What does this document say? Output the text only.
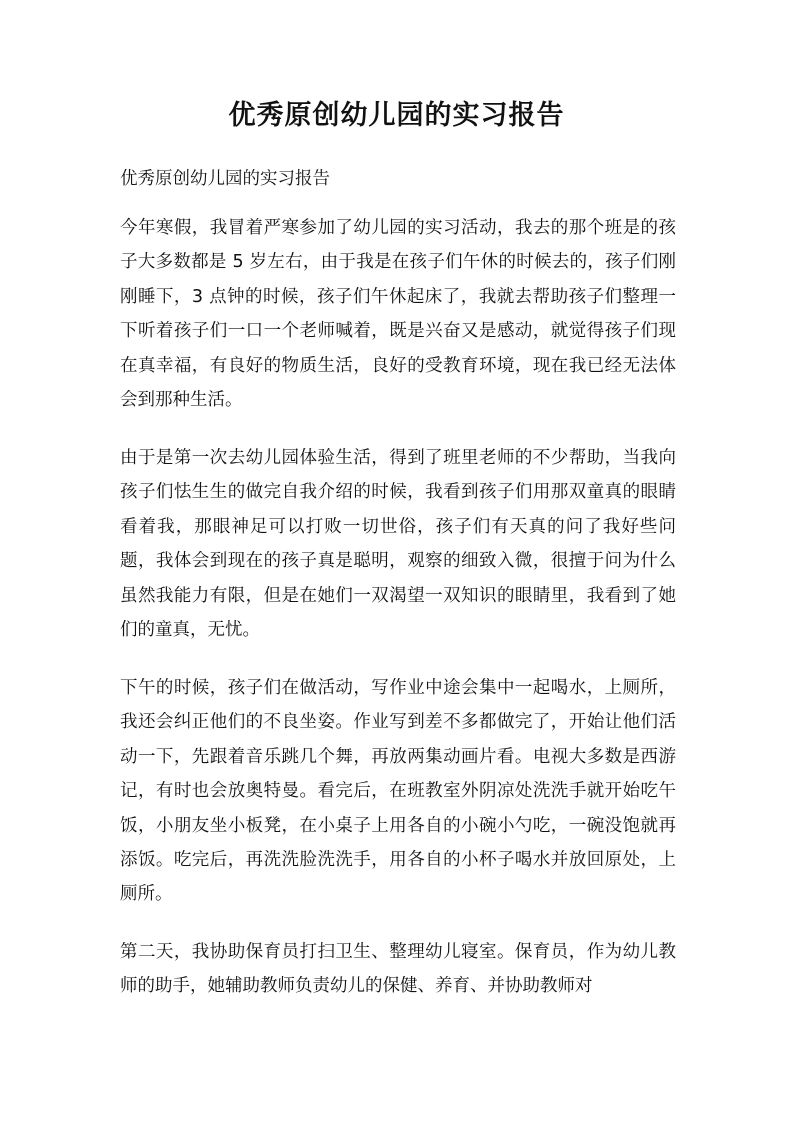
优秀原创幼儿园的实习报告

优秀原创幼儿园的实习报告

今年寒假，我冒着严寒参加了幼儿园的实习活动，我去的那个班是的孩子大多数都是 5 岁左右，由于我是在孩子们午休的时候去的，孩子们刚刚睡下，3 点钟的时候，孩子们午休起床了，我就去帮助孩子们整理一下听着孩子们一口一个老师喊着，既是兴奋又是感动，就觉得孩子们现在真幸福，有良好的物质生活，良好的受教育环境，现在我已经无法体会到那种生活。

由于是第一次去幼儿园体验生活，得到了班里老师的不少帮助，当我向孩子们怯生生的做完自我介绍的时候，我看到孩子们用那双童真的眼睛看着我，那眼神足可以打败一切世俗，孩子们有天真的问了我好些问题，我体会到现在的孩子真是聪明，观察的细致入微，很擅于问为什么虽然我能力有限，但是在她们一双渴望一双知识的眼睛里，我看到了她们的童真，无忧。

下午的时候，孩子们在做活动，写作业中途会集中一起喝水，上厕所，我还会纠正他们的不良坐姿。作业写到差不多都做完了，开始让他们活动一下，先跟着音乐跳几个舞，再放两集动画片看。电视大多数是西游记，有时也会放奥特曼。看完后，在班教室外阴凉处洗洗手就开始吃午饭，小朋友坐小板凳，在小桌子上用各自的小碗小勺吃，一碗没饱就再添饭。吃完后，再洗洗脸洗洗手，用各自的小杯子喝水并放回原处，上厕所。

第二天，我协助保育员打扫卫生、整理幼儿寝室。保育员，作为幼儿教师的助手，她辅助教师负责幼儿的保健、养育、并协助教师对
